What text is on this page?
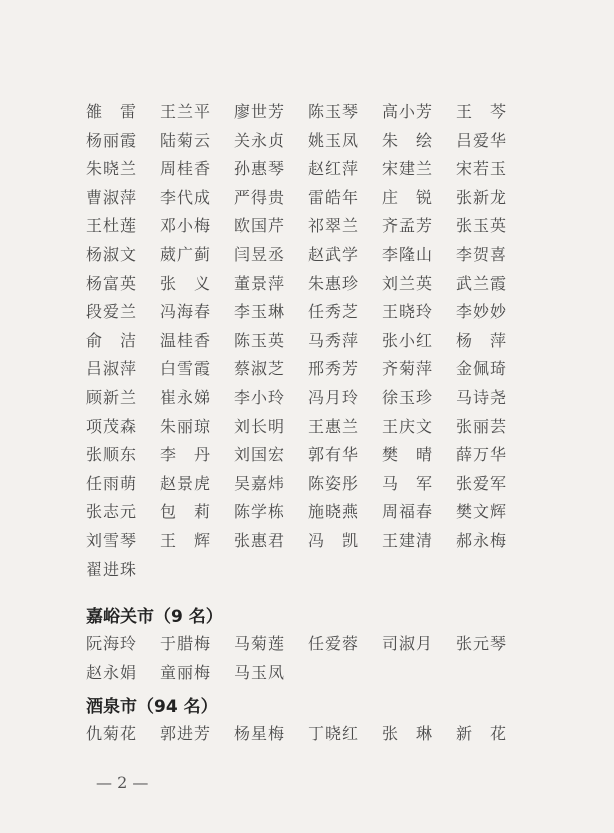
雒　雷	王兰平	廖世芳	陈玉琴	高小芳	王　芩
杨丽霞	陆菊云	关永贞	姚玉凤	朱　绘	吕爱华
朱晓兰	周桂香	孙惠琴	赵红萍	宋建兰	宋若玉
曹淑萍	李代成	严得贵	雷皓年	庄　锐	张新龙
王杜莲	邓小梅	欧国芹	祁翠兰	齐孟芳	张玉英
杨淑文	葳广蓟	闫昱丞	赵武学	李隆山	李贺喜
杨富英	张　义	董景萍	朱惠珍	刘兰英	武兰霞
段爱兰	冯海春	李玉琳	任秀芝	王晓玲	李妙妙
俞　洁	温桂香	陈玉英	马秀萍	张小红	杨　萍
吕淑萍	白雪霞	蔡淑芝	邢秀芳	齐菊萍	金佩琦
顾新兰	崔永娣	李小玲	冯月玲	徐玉珍	马诗尧
项茂森	朱丽琼	刘长明	王惠兰	王庆文	张丽芸
张顺东	李　丹	刘国宏	郭有华	樊　晴	薛万华
任雨萌	赵景虎	吴嘉炜	陈姿彤	马　军	张爱军
张志元	包　莉	陈学栋	施晓燕	周福春	樊文辉
刘雪琴	王　辉	张惠君	冯　凯	王建清	郝永梅
翟进珠
嘉峪关市（9 名）
阮海玲	于腊梅	马菊莲	任爱蓉	司淑月	张元琴
赵永娟	童丽梅	马玉凤
酒泉市（94 名）
仇菊花	郭进芳	杨星梅	丁晓红	张　琳	新　花
— 2 —
